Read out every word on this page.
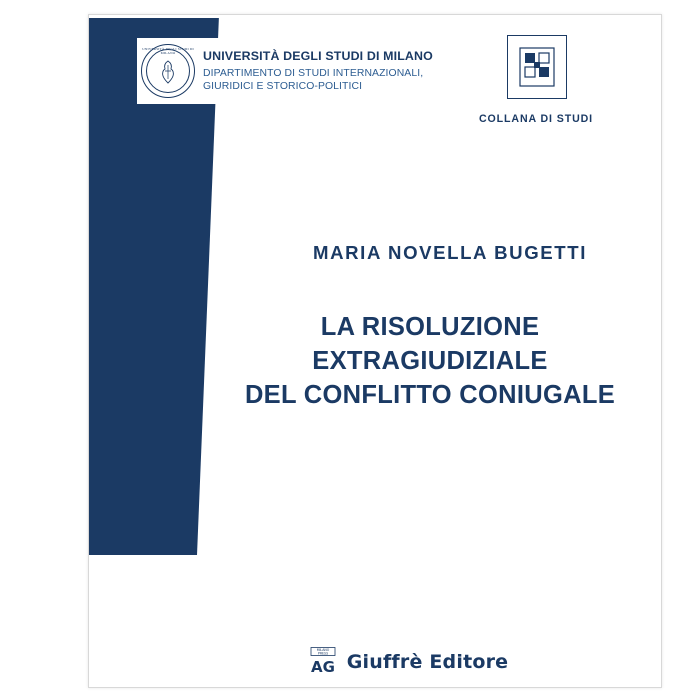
UNIVERSITÀ DEGLI STUDI DI MILANO	UNIVERSITÀ DEGLI STUDI DI MILANO
DIPARTIMENTO DI STUDI INTERNAZIONALI,
GIURIDICI E STORICO-POLITICI
COLLANA DI STUDI
MARIA NOVELLA BUGETTI
LA RISOLUZIONE
EXTRAGIUDIZIALE
DEL CONFLITTO CONIUGALE
MILANO
PRESS
AG Giuffrè Editore
